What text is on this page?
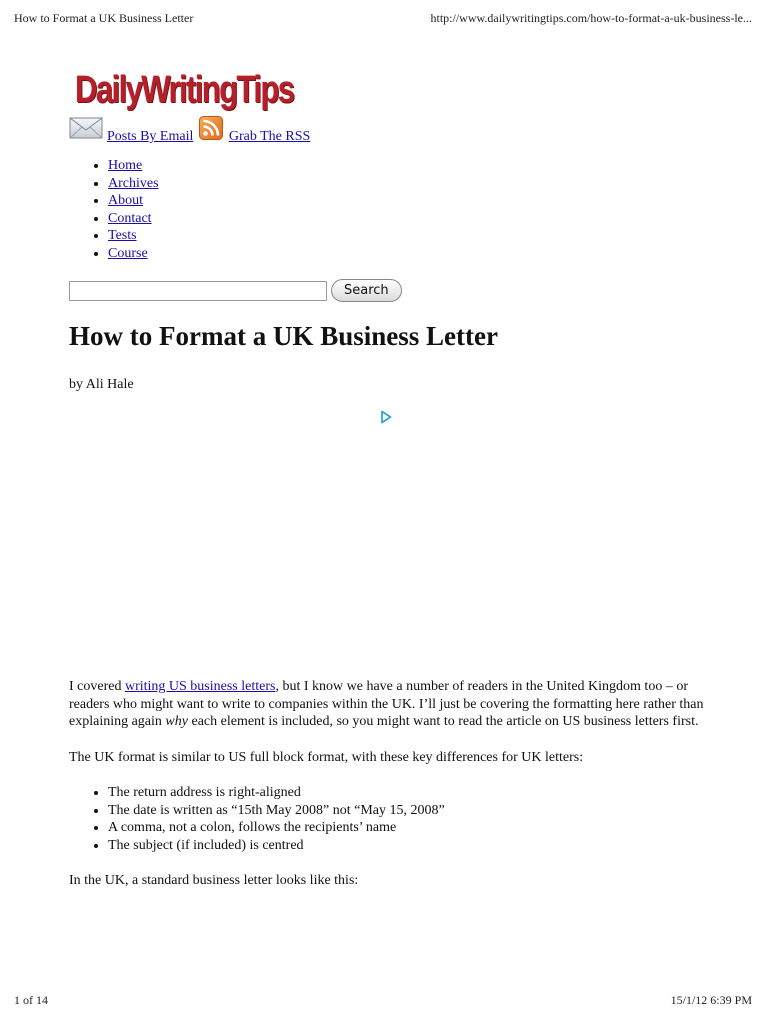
How to Format a UK Business Letter	http://www.dailywritingtips.com/how-to-format-a-uk-business-le...
DailyWritingTips
Posts By Email
	Grab The RSS
• Home
• Archives
• About
• Contact
• Tests
• Course
Search
How to Format a UK Business Letter
by Ali Hale

I covered writing US business letters, but I know we have a number of readers in the United Kingdom too – or readers who might want to write to companies within the UK. I’ll just be covering the formatting here rather than explaining again why each element is included, so you might want to read the article on US business letters first.

The UK format is similar to US full block format, with these key differences for UK letters:

• The return address is right-aligned
• The date is written as “15th May 2008” not “May 15, 2008”
• A comma, not a colon, follows the recipients’ name
• The subject (if included) is centred

In the UK, a standard business letter looks like this:

1 of 14	15/1/12 6:39 PM
